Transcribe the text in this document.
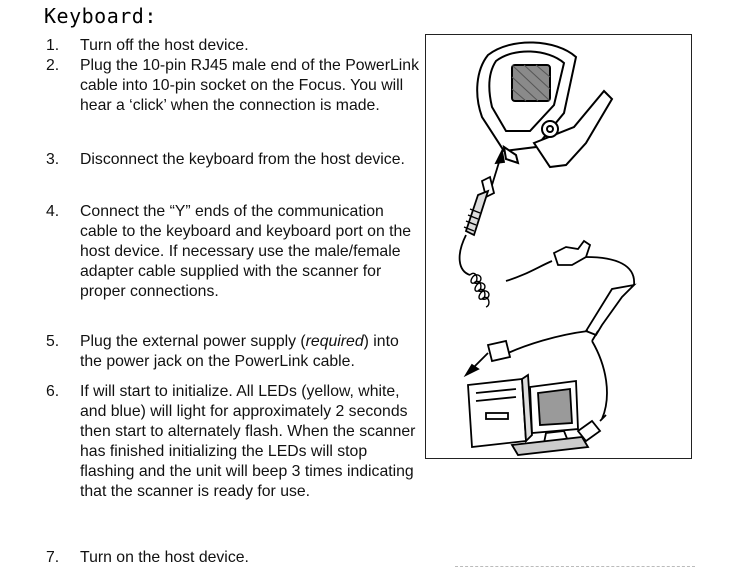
Keyboard:
1. Turn off the host device.
2. Plug the 10-pin RJ45 male end of the PowerLink cable into 10-pin socket on the Focus. You will hear a ‘click’ when the connection is made.
3. Disconnect the keyboard from the host device.
4. Connect the “Y” ends of the communication cable to the keyboard and keyboard port on the host device. If necessary use the male/female adapter cable supplied with the scanner for proper connections.
5. Plug the external power supply (required) into the power jack on the PowerLink cable.
6. If will start to initialize. All LEDs (yellow, white, and blue) will light for approximately 2 seconds then start to alternately flash. When the scanner has finished initializing the LEDs will stop flashing and the unit will beep 3 times indicating that the scanner is ready for use.
7. Turn on the host device.
